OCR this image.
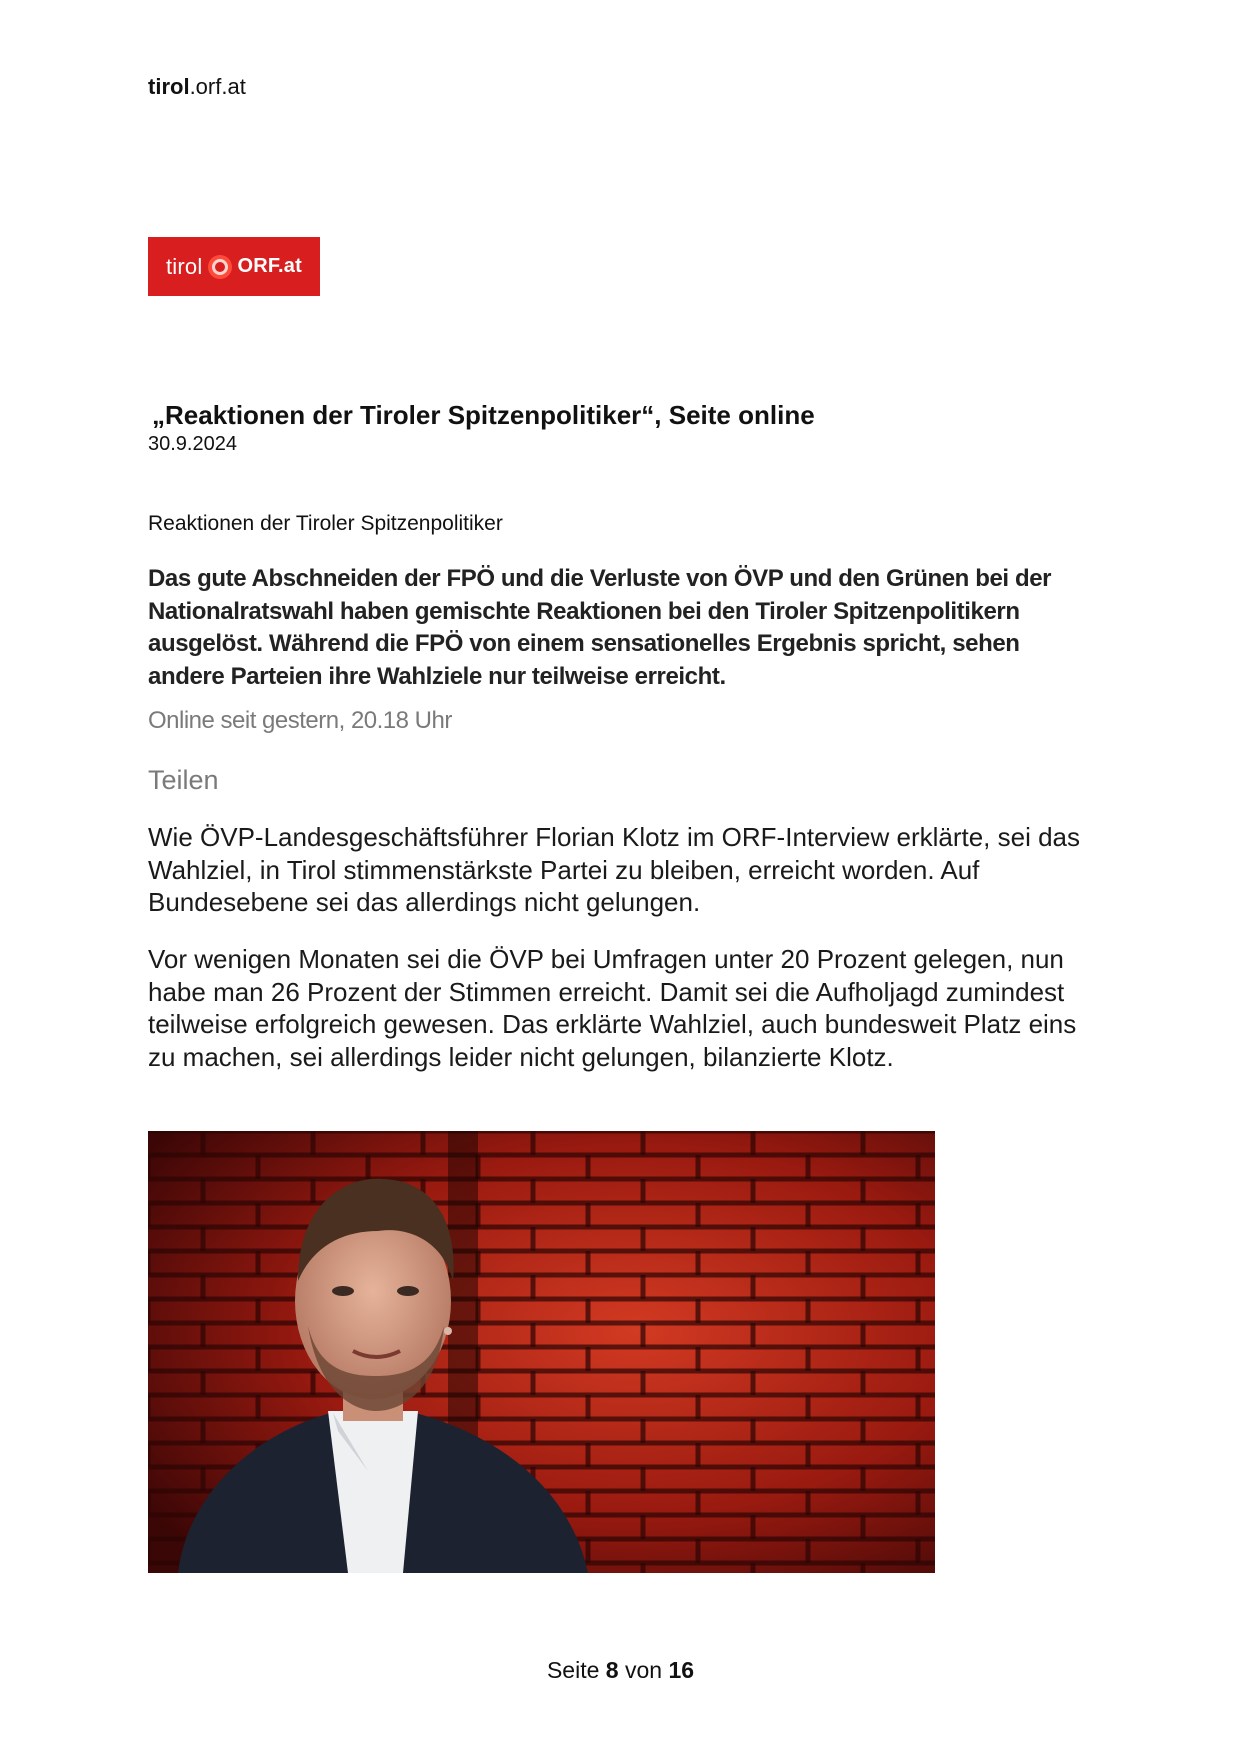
tirol.orf.at
tirol ORF.at
„Reaktionen der Tiroler Spitzenpolitiker“, Seite online
30.9.2024
Reaktionen der Tiroler Spitzenpolitiker

Das gute Abschneiden der FPÖ und die Verluste von ÖVP und den Grünen bei der Nationalratswahl haben gemischte Reaktionen bei den Tiroler Spitzenpolitikern ausgelöst. Während die FPÖ von einem sensationelles Ergebnis spricht, sehen andere Parteien ihre Wahlziele nur teilweise erreicht.

Online seit gestern, 20.18 Uhr
Teilen

Wie ÖVP-Landesgeschäftsführer Florian Klotz im ORF-Interview erklärte, sei das Wahlziel, in Tirol stimmenstärkste Partei zu bleiben, erreicht worden. Auf Bundesebene sei das allerdings nicht gelungen.

Vor wenigen Monaten sei die ÖVP bei Umfragen unter 20 Prozent gelegen, nun habe man 26 Prozent der Stimmen erreicht. Damit sei die Aufholjagd zumindest teilweise erfolgreich gewesen. Das erklärte Wahlziel, auch bundesweit Platz eins zu machen, sei allerdings leider nicht gelungen, bilanzierte Klotz.

Seite 8 von 16
